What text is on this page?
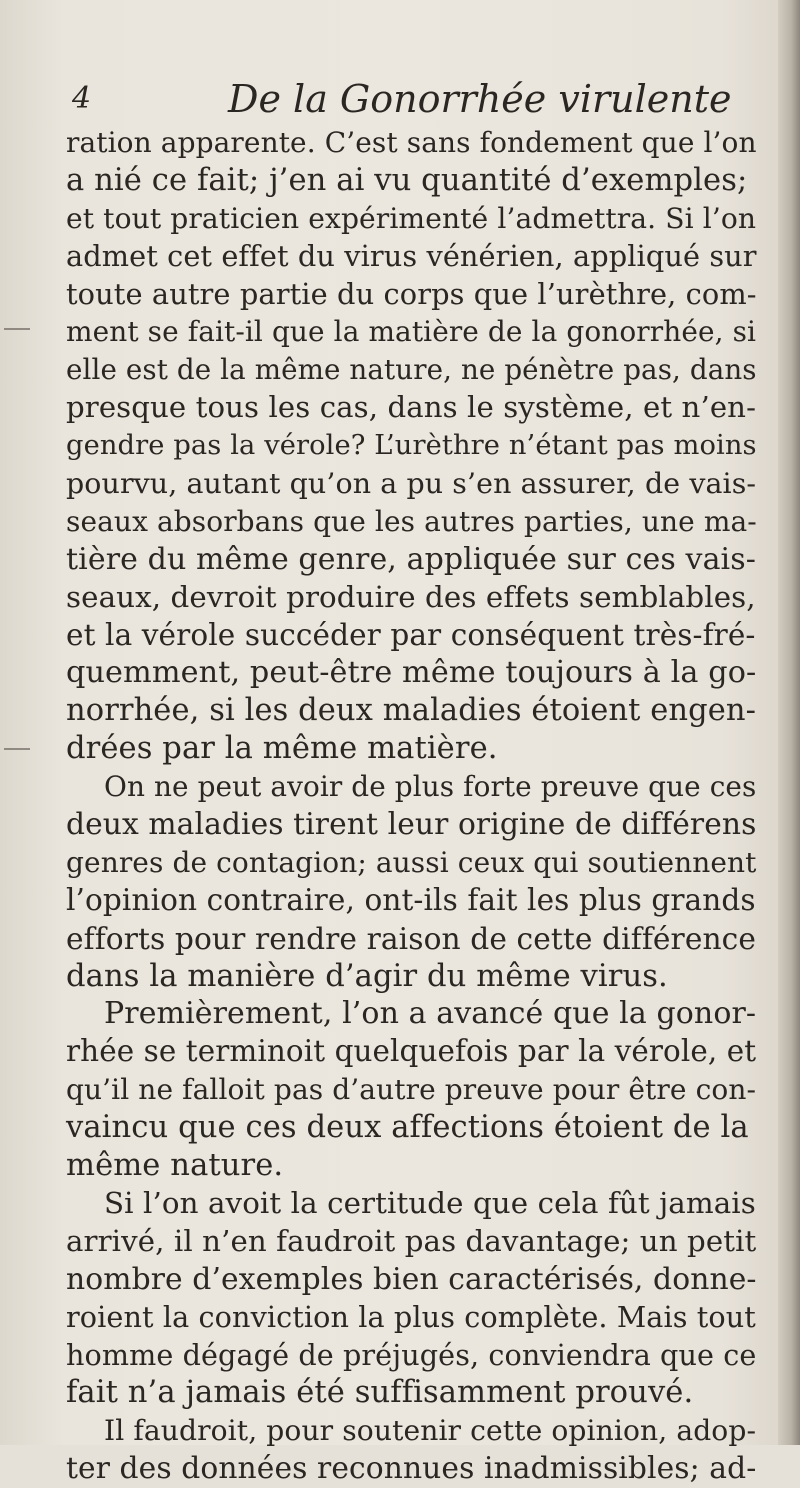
4	De la Gonorrhée virulente
ration apparente. C’est sans fondement que l’on
a nié ce fait; j’en ai vu quantité d’exemples;
et tout praticien expérimenté l’admettra. Si l’on
admet cet effet du virus vénérien, appliqué sur
toute autre partie du corps que l’urèthre, com-
ment se fait-il que la matière de la gonorrhée, si
elle est de la même nature, ne pénètre pas, dans
presque tous les cas, dans le système, et n’en-
gendre pas la vérole? L’urèthre n’étant pas moins
pourvu, autant qu’on a pu s’en assurer, de vais-
seaux absorbans que les autres parties, une ma-
tière du même genre, appliquée sur ces vais-
seaux, devroit produire des effets semblables,
et la vérole succéder par conséquent très-fré-
quemment, peut-être même toujours à la go-
norrhée, si les deux maladies étoient engen-
drées par la même matière.
On ne peut avoir de plus forte preuve que ces
deux maladies tirent leur origine de différens
genres de contagion; aussi ceux qui soutiennent
l’opinion contraire, ont-ils fait les plus grands
efforts pour rendre raison de cette différence
dans la manière d’agir du même virus.
Premièrement, l’on a avancé que la gonor-
rhée se terminoit quelquefois par la vérole, et
qu’il ne falloit pas d’autre preuve pour être con-
vaincu que ces deux affections étoient de la
même nature.
Si l’on avoit la certitude que cela fût jamais
arrivé, il n’en faudroit pas davantage; un petit
nombre d’exemples bien caractérisés, donne-
roient la conviction la plus complète. Mais tout
homme dégagé de préjugés, conviendra que ce
fait n’a jamais été suffisamment prouvé.
Il faudroit, pour soutenir cette opinion, adop-
ter des données reconnues inadmissibles; ad-
